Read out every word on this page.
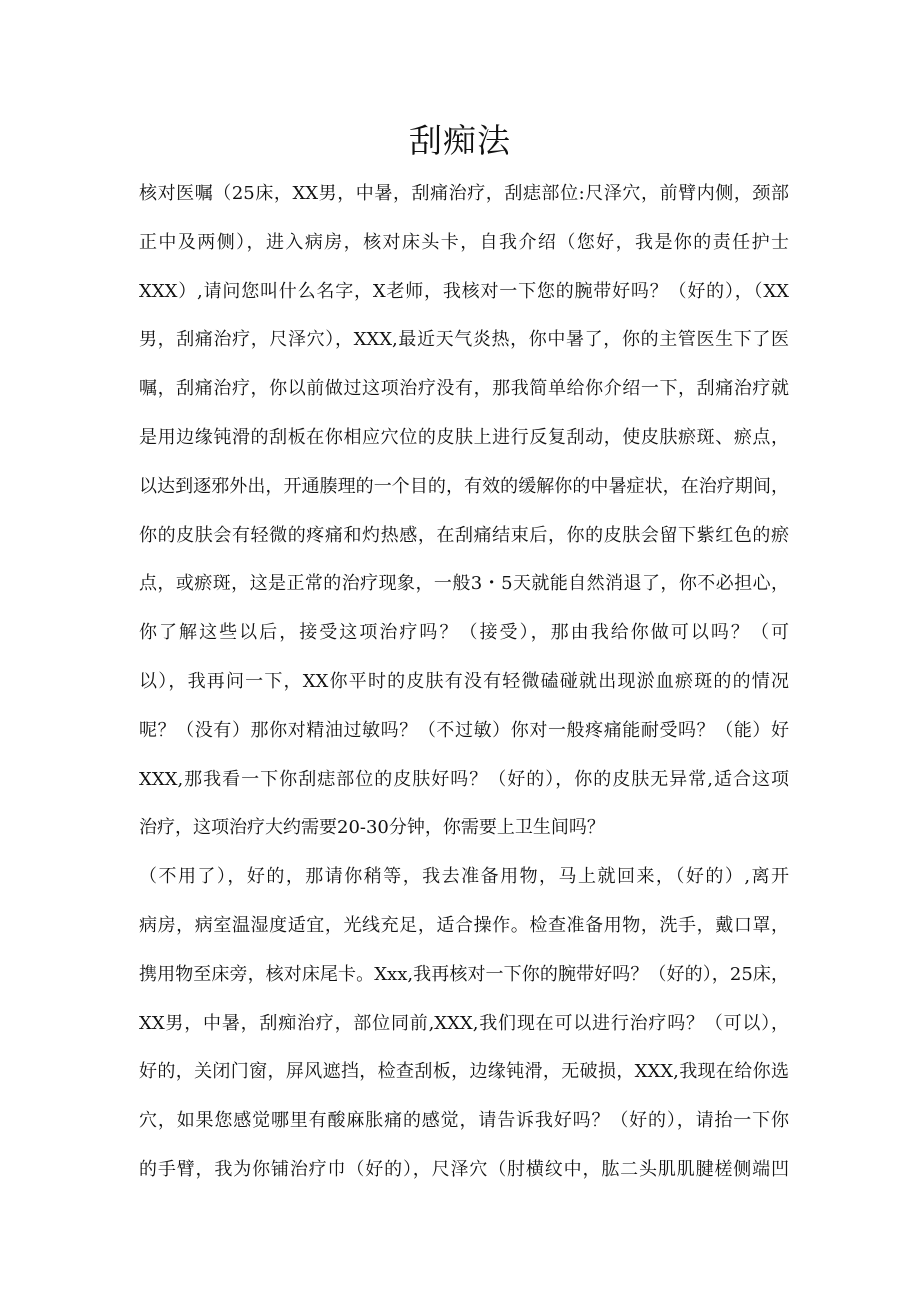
刮痴法
核对医嘱（25床，XX男，中暑，刮痛治疗，刮痣部位:尺泽穴，前臂内侧，颈部
正中及两侧），进入病房，核对床头卡，自我介绍（您好，我是你的责任护士
XXX）,请问您叫什么名字，X老师，我核对一下您的腕带好吗？（好的），（XX
男，刮痛治疗，尺泽穴），XXX,最近天气炎热，你中暑了，你的主管医生下了医
嘱，刮痛治疗，你以前做过这项治疗没有，那我简单给你介绍一下，刮痛治疗就
是用边缘钝滑的刮板在你相应穴位的皮肤上进行反复刮动，使皮肤瘀斑、瘀点，
以达到逐邪外出，开通腠理的一个目的，有效的缓解你的中暑症状，在治疗期间，
你的皮肤会有轻微的疼痛和灼热感，在刮痛结束后，你的皮肤会留下紫红色的瘀
点，或瘀斑，这是正常的治疗现象，一般3・5天就能自然消退了，你不必担心，
你了解这些以后，接受这项治疗吗？（接受），那由我给你做可以吗？（可
以），我再问一下，XX你平时的皮肤有没有轻微磕碰就出现淤血瘀斑的的情况
呢？（没有）那你对精油过敏吗？（不过敏）你对一般疼痛能耐受吗？（能）好
XXX,那我看一下你刮痣部位的皮肤好吗？（好的），你的皮肤无异常,适合这项
治疗，这项治疗大约需要20-30分钟，你需要上卫生间吗？
（不用了），好的，那请你稍等，我去准备用物，马上就回来，（好的）,离开
病房，病室温湿度适宜，光线充足，适合操作。检查准备用物，洗手，戴口罩，
携用物至床旁，核对床尾卡。Xxx,我再核对一下你的腕带好吗？（好的），25床，
XX男，中暑，刮痴治疗，部位同前,XXX,我们现在可以进行治疗吗？（可以），
好的，关闭门窗，屏风遮挡，检查刮板，边缘钝滑，无破损，XXX,我现在给你选
穴，如果您感觉哪里有酸麻胀痛的感觉，请告诉我好吗？（好的），请抬一下你
的手臂，我为你铺治疗巾（好的），尺泽穴（肘横纹中，肱二头肌肌腱槎侧端凹
